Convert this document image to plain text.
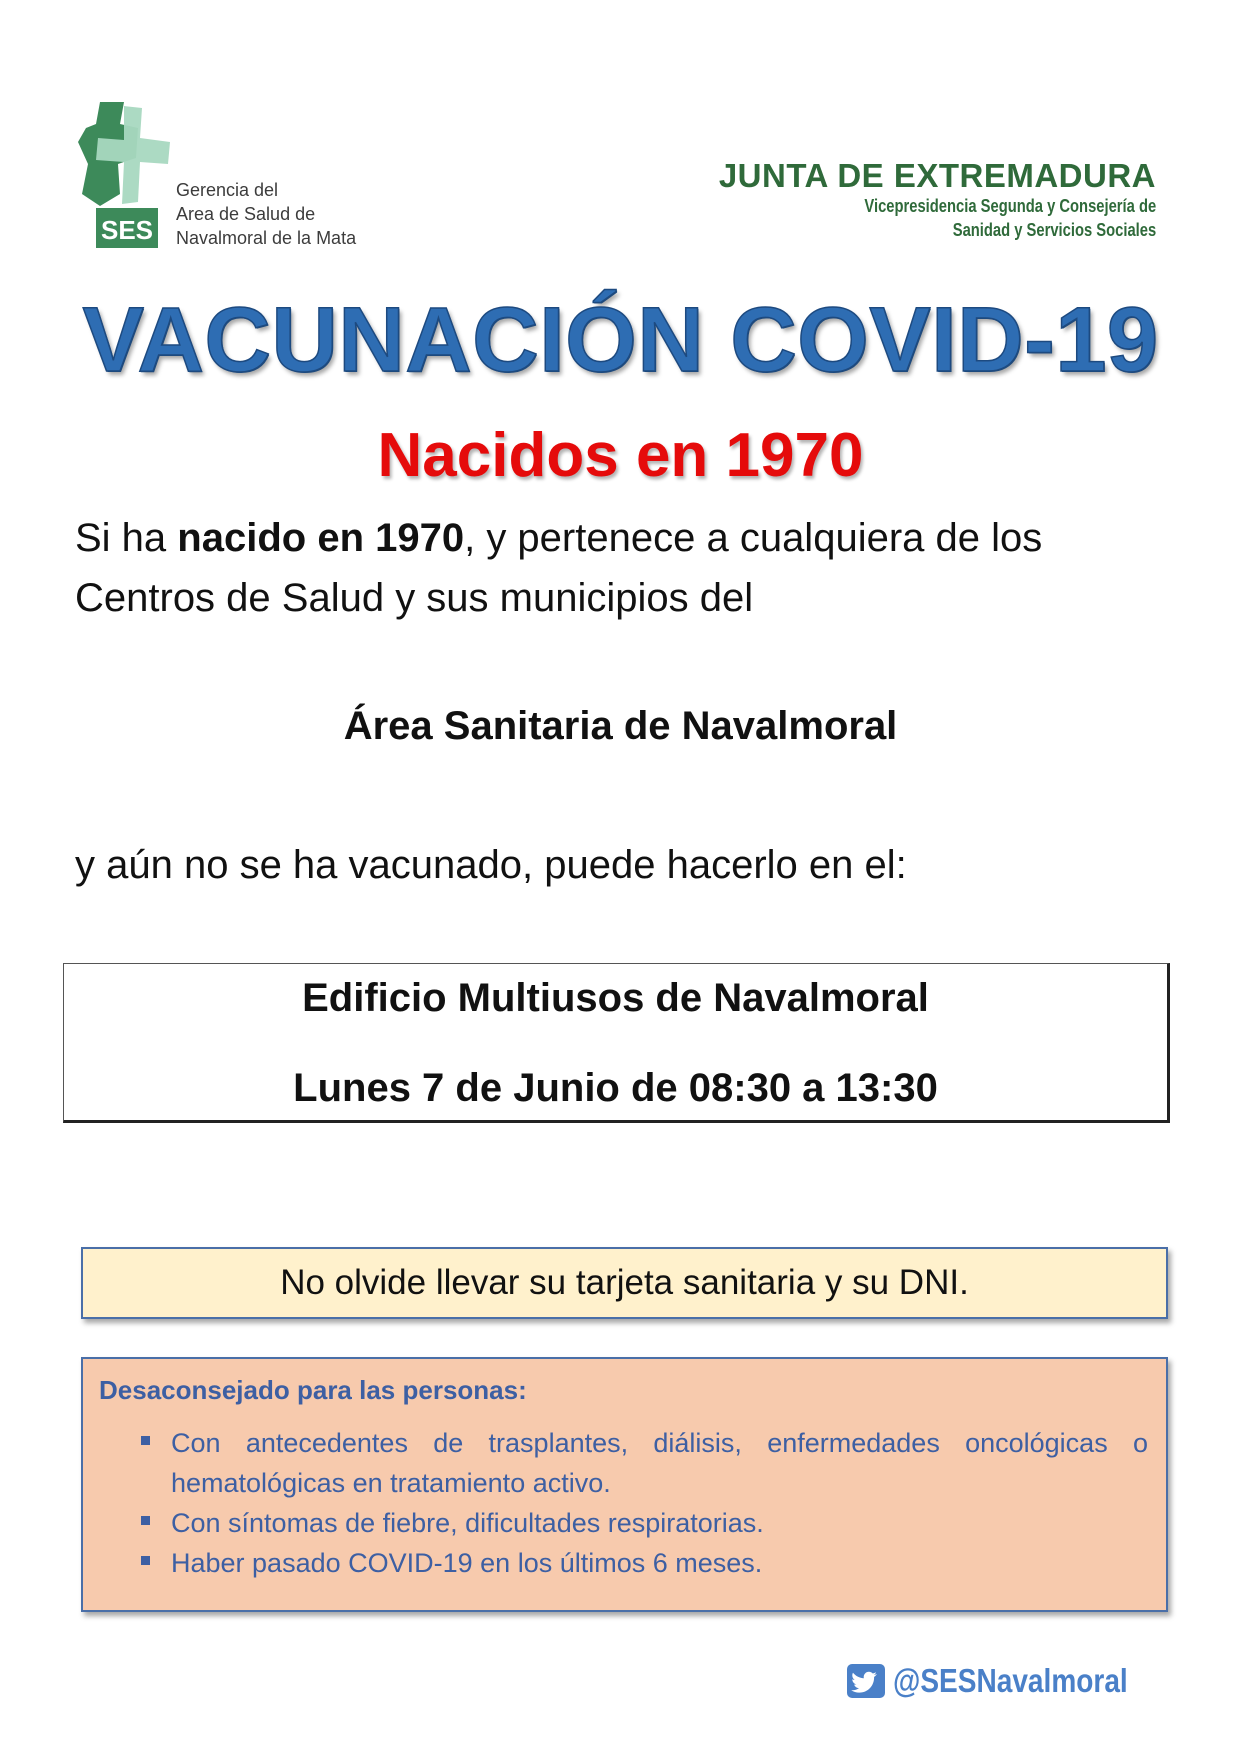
SES
Gerencia del
Area de Salud de
Navalmoral de la Mata
JUNTA DE EXTREMADURA
Vicepresidencia Segunda y Consejería de
Sanidad y Servicios Sociales
VACUNACIÓN COVID-19
Nacidos en 1970
Si ha nacido en 1970, y pertenece a cualquiera de los Centros de Salud y sus municipios del
Área Sanitaria de Navalmoral
y aún no se ha vacunado, puede hacerlo en el:
Edificio Multiusos de Navalmoral
Lunes 7 de Junio de 08:30 a 13:30
No olvide llevar su tarjeta sanitaria y su DNI.
Desaconsejado para las personas:
Con antecedentes de trasplantes, diálisis, enfermedades oncológicas o hematológicas en tratamiento activo.
Con síntomas de fiebre, dificultades respiratorias.
Haber pasado COVID-19 en los últimos 6 meses.
@SESNavalmoral
